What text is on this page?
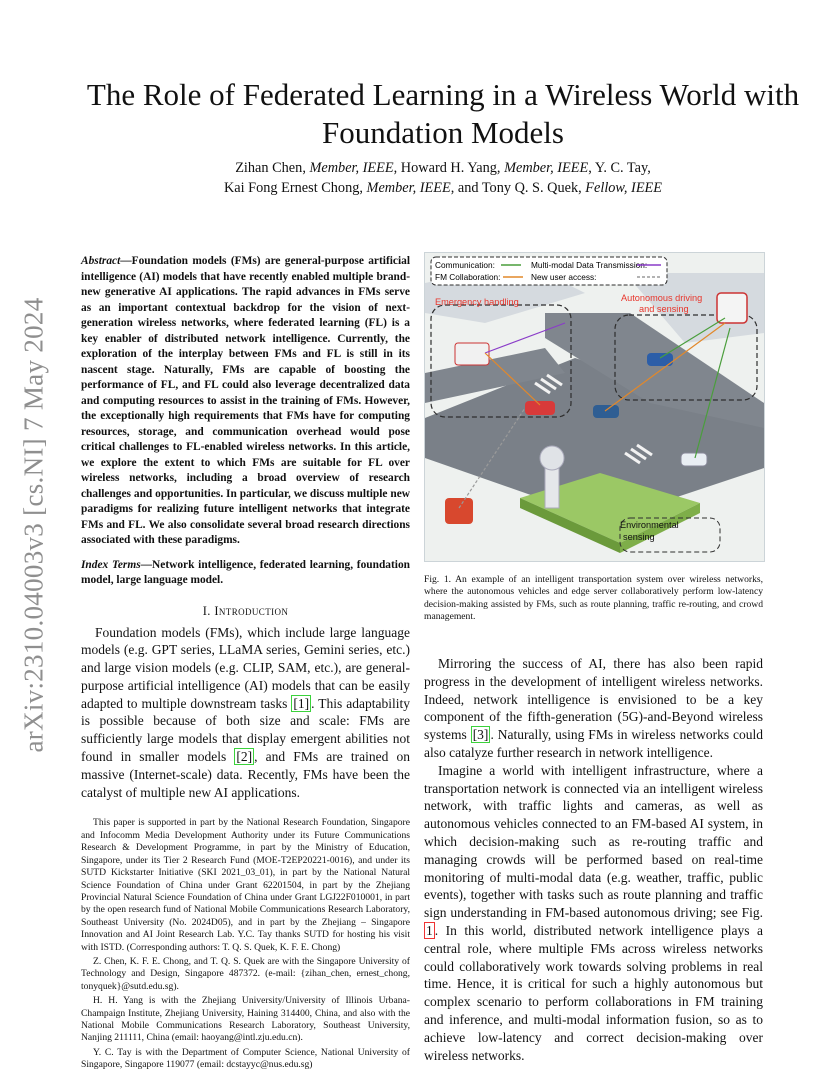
arXiv:2310.04003v3 [cs.NI] 7 May 2024
The Role of Federated Learning in a Wireless World with Foundation Models
Zihan Chen, Member, IEEE, Howard H. Yang, Member, IEEE, Y. C. Tay,
Kai Fong Ernest Chong, Member, IEEE, and Tony Q. S. Quek, Fellow, IEEE

Abstract—Foundation models (FMs) are general-purpose artificial intelligence (AI) models that have recently enabled multiple brand-new generative AI applications. The rapid advances in FMs serve as an important contextual backdrop for the vision of next-generation wireless networks, where federated learning (FL) is a key enabler of distributed network intelligence. Currently, the exploration of the interplay between FMs and FL is still in its nascent stage. Naturally, FMs are capable of boosting the performance of FL, and FL could also leverage decentralized data and computing resources to assist in the training of FMs. However, the exceptionally high requirements that FMs have for computing resources, storage, and communication overhead would pose critical challenges to FL-enabled wireless networks. In this article, we explore the extent to which FMs are suitable for FL over wireless networks, including a broad overview of research challenges and opportunities. In particular, we discuss multiple new paradigms for realizing future intelligent networks that integrate FMs and FL. We also consolidate several broad research directions associated with these paradigms.

Index Terms—Network intelligence, federated learning, foundation model, large language model.

I. Introduction

Foundation models (FMs), which include large language models (e.g. GPT series, LLaMA series, Gemini series, etc.) and large vision models (e.g. CLIP, SAM, etc.), are general-purpose artificial intelligence (AI) models that can be easily adapted to multiple downstream tasks [1] . This adaptability is possible because of both size and scale: FMs are sufficiently large models that display emergent abilities not found in smaller models [2] , and FMs are trained on massive (Internet-scale) data. Recently, FMs have been the catalyst of multiple new AI applications.

This paper is supported in part by the National Research Foundation, Singapore and Infocomm Media Development Authority under its Future Communications Research & Development Programme, in part by the Ministry of Education, Singapore, under its Tier 2 Research Fund (MOE-T2EP20221-0016), and under its SUTD Kickstarter Initiative (SKI 2021_03_01), in part by the National Natural Science Foundation of China under Grant 62201504, in part by the Zhejiang Provincial Natural Science Foundation of China under Grant LGJ22F010001, in part by the open research fund of National Mobile Communications Research Laboratory, Southeast University (No. 2024D05), and in part by the Zhejiang – Singapore Innovation and AI Joint Research Lab. Y.C. Tay thanks SUTD for hosting his visit with ISTD. (Corresponding authors: T. Q. S. Quek, K. F. E. Chong)

Z. Chen, K. F. E. Chong, and T. Q. S. Quek are with the Singapore University of Technology and Design, Singapore 487372. (e-mail: {zihan_chen, ernest_chong, tonyquek}@sutd.edu.sg).

H. H. Yang is with the Zhejiang University/University of Illinois Urbana-Champaign Institute, Zhejiang University, Haining 314400, China, and also with the National Mobile Communications Research Laboratory, Southeast University, Nanjing 211111, China (email: haoyang@intl.zju.edu.cn).

Y. C. Tay is with the Department of Computer Science, National University of Singapore, Singapore 119077 (email: dcstayyc@nus.edu.sg)

Communication:
FM Collaboration:
Multi-modal Data Transmission:
New user access:
Emergency handling	Autonomous driving
and sensing
Environmental
sensing

Fig. 1. An example of an intelligent transportation system over wireless networks, where the autonomous vehicles and edge server collaboratively perform low-latency decision-making assisted by FMs, such as route planning, traffic re-routing, and crowd management.

Mirroring the success of AI, there has also been rapid progress in the development of intelligent wireless networks. Indeed, network intelligence is envisioned to be a key component of the fifth-generation (5G)-and-Beyond wireless systems [3] . Naturally, using FMs in wireless networks could also catalyze further research in network intelligence.

Imagine a world with intelligent infrastructure, where a transportation network is connected via an intelligent wireless network, with traffic lights and cameras, as well as autonomous vehicles connected to an FM-based AI system, in which decision-making such as re-routing traffic and managing crowds will be performed based on real-time monitoring of multi-modal data (e.g. weather, traffic, public events), together with tasks such as route planning and traffic sign understanding in FM-based autonomous driving; see Fig. 1 . In this world, distributed network intelligence plays a central role, where multiple FMs across wireless networks could collaboratively work towards solving problems in real time. Hence, it is critical for such a highly autonomous but complex scenario to perform collaborations in FM training and inference, and multi-modal information fusion, so as to achieve low-latency and correct decision-making over wireless networks.
